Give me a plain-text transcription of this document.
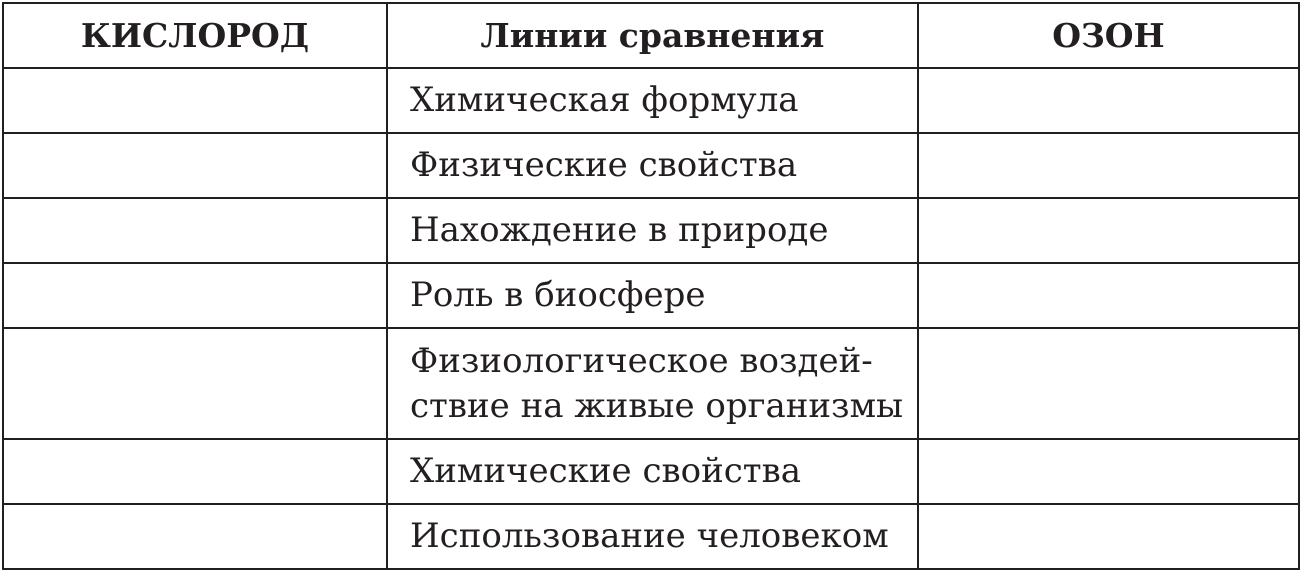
КИСЛОРОД	Линии сравнения	ОЗОН
	Химическая формула	
	Физические свойства	
	Нахождение в природе	
	Роль в биосфере	
	Физиологическое воздей-
ствие на живые организмы	
	Химические свойства	
	Использование человеком	
